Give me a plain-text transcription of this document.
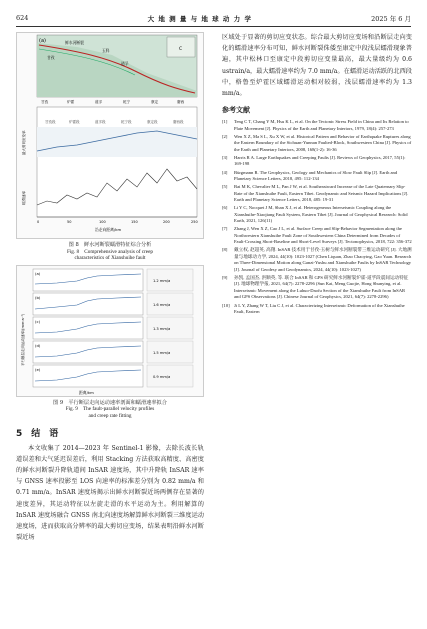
624	大 地 测 量 与 地 球 动 力 学	2025 年 6 月
(a)
C
鲜水河断裂
玉科
甘孜
道孚
甘孜	炉霍	道孚	乾宁	康定	磨西
甘孜段	炉霍段	道孚段	乾宁段	康定段	磨西段
0	50	100	150	200	250
沿走向距离/km
最大剪切应变率
蠕滑速率
图 8　鲜水河断裂蠕滑特征综合分析
Fig. 8　Comprehensive analysis of creep
characteristics of Xianshuihe fault
平行断层走向运动速率/(mm·a⁻¹)
(a)
1.2 mm/a
(b)
1.6 mm/a
(c)
1.3 mm/a
(d)
1.5 mm/a
(e)
0.9 mm/a
距离/km
图 9　平行断层走向运动速率剖面和蠕滑速率拟合
Fig. 9　The fault-parallel velocity profiles
and creep rate fitting
5　结　语
本文收集了 2014—2023 年 Sentinel-1 影像，去除长波长轨道误差和大气延迟误差后，利用 Stacking 方法获取高精度、高密度的鲜水河断裂升降轨道间 InSAR 速度场，其中升降轨 InSAR 速率与 GNSS 速率投影至 LOS 向速率的标准差分别为 0.82 mm/a 和 0.71 mm/a。InSAR 速度场揭示出鲜水河断裂近场两侧存在显著的速度差异，其运动特征以左旋走滑的水平运动为主。利用解算的 InSAR 速度场融合 GNSS 南北向速度场解算鲜水河断裂三维度运动速度场，进而获取高分辨率的最大剪切应变场，结果表明沿鲜水河断裂近场
区域处于显著的剪切应变状态。综合最大剪切应变场和沿断层走向变化的蠕滑速率分布可知，鲜水河断裂侏倭至康定中段浅层蠕滑现象普遍，其中松林口至康定中段剪切应变量最高，最大量级约为 0.6 ustrain/a，最大蠕滑速率约为 7.0 mm/a。在蠕滑运动活跃的北西段中，格鲁至炉霍区域蠕滑运动相对较弱，浅层蠕滑速率约为 1.3 mm/a。
参考文献
[1]	Teng C T, Chang Y M, Hsu K L, et al. On the Tectonic Stress Field in China and Its Relation to Plate Movement [J]. Physics of the Earth and Planetary Interiors, 1979, 18(4): 257-273
[2]	Wen X Z, Ma S L, Xu X W, et al. Historical Pattern and Behavior of Earthquake Ruptures along the Eastern Boundary of the Sichuan-Yunnan Faulted-Block, Southwestern China [J]. Physics of the Earth and Planetary Interiors, 2008, 168(1-2): 16-36
[3]	Harris R A. Large Earthquakes and Creeping Faults [J]. Reviews of Geophysics, 2017, 55(1): 169-198
[4]	Bürgmann R. The Geophysics, Geology and Mechanics of Slow Fault Slip [J]. Earth and Planetary Science Letters, 2018, 495: 112-134
[5]	Bai M K, Chevalier M L, Pan J W, et al. Southeastward Increase of the Late Quaternary Slip-Rate of the Xianshuihe Fault, Eastern Tibet. Geodynamic and Seismic Hazard Implications [J]. Earth and Planetary Science Letters, 2018, 485: 19-31
[6]	Li Y C, Nocquet J M, Shan X J, et al. Heterogeneous Interseismic Coupling along the Xianshuihe-Xiaojiang Fault System, Eastern Tibet [J]. Journal of Geophysical Research: Solid Earth, 2021, 126(11)
[7]	Zhang J, Wen X Z, Cao J L, et al. Surface Creep and Slip-Behavior Segmentation along the Northwestern Xianshuihe Fault Zone of Southwestern China Determined from Decades of Fault-Crossing Short-Baseline and Short-Level Surveys [J]. Tectonophysics, 2018, 722: 356-372
[8]	戴立权, 赵超英, 高翔. InSAR 技术用于甘孜-玉树与鲜水河断裂带三维运动研究 [J]. 大地测量与地球动力学, 2024, 44(10): 1023-1027 (Chen Liquan, Zhao Chaoying, Gao Yuan. Research on Three-Dimensional Motion along Ganzi-Yushu and Xianshuihe Faults by InSAR Technology [J]. Journal of Geodesy and Geodynamics, 2024, 44(10): 1023-1027)
[9]	孙凯, 孟国杰, 洪顺英, 等. 联合 InSAR 和 GPS 研究鲜水河断裂炉霍-道孚段震间运动特征 [J]. 地球物理学报, 2021, 64(7): 2278-2296 (Sun Kai, Meng Guojie, Hong Shunying, et al. Interseismic Movement along the Luhuo-Daofu Section of the Xianshuihe Fault from InSAR and GPS Observations [J]. Chinese Journal of Geophysics, 2021, 64(7): 2278-2296)
[10] Ji L Y, Zhang W T, Liu C J, et al. Characterizing Interseismic Deformation of the Xianshuihe Fault, Eastern
